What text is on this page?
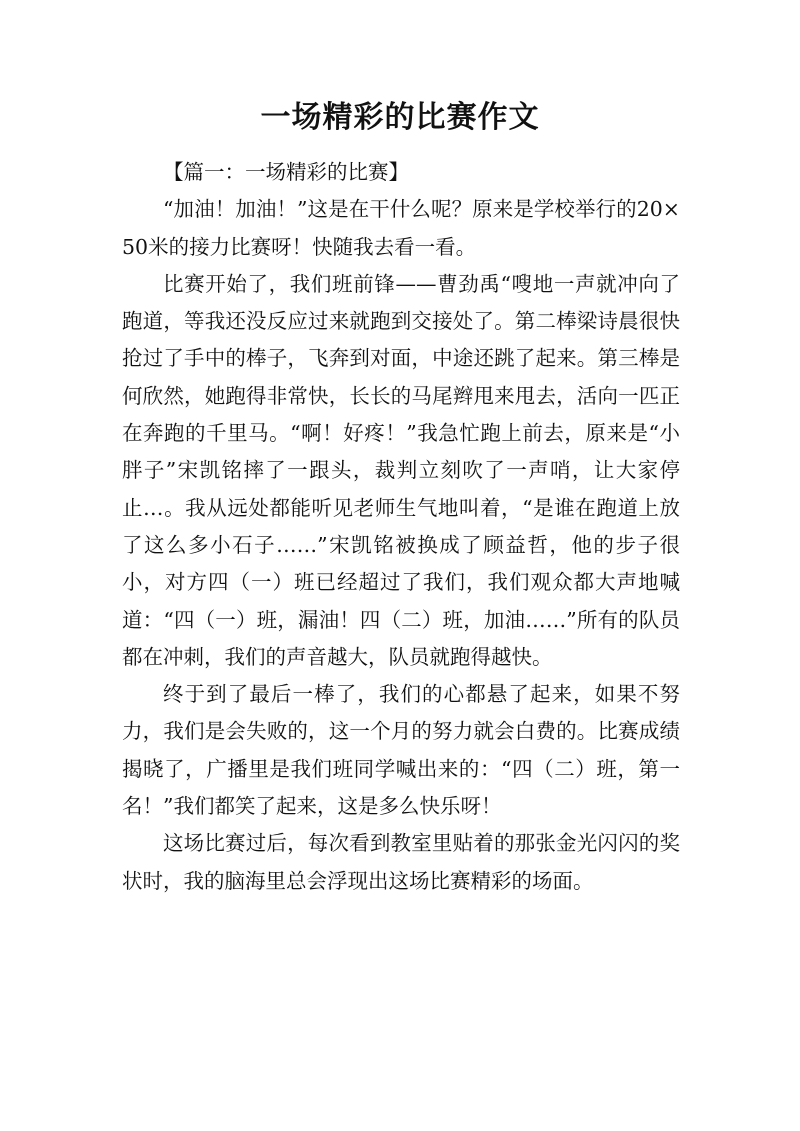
一场精彩的比赛作文

【篇一：一场精彩的比赛】

“加油！加油！”这是在干什么呢？原来是学校举行的20×50米的接力比赛呀！快随我去看一看。

比赛开始了，我们班前锋——曹劲禹“嗖地一声就冲向了跑道，等我还没反应过来就跑到交接处了。第二棒梁诗晨很快抢过了手中的棒子，飞奔到对面，中途还跳了起来。第三棒是何欣然，她跑得非常快，长长的马尾辫甩来甩去，活向一匹正在奔跑的千里马。“啊！好疼！”我急忙跑上前去，原来是“小胖子”宋凯铭摔了一跟头，裁判立刻吹了一声哨，让大家停止…。我从远处都能听见老师生气地叫着，“是谁在跑道上放了这么多小石子……”宋凯铭被换成了顾益哲，他的步子很小，对方四（一）班已经超过了我们，我们观众都大声地喊道：“四（一）班，漏油！四（二）班，加油……”所有的队员都在冲刺，我们的声音越大，队员就跑得越快。

终于到了最后一棒了，我们的心都悬了起来，如果不努力，我们是会失败的，这一个月的努力就会白费的。比赛成绩揭晓了，广播里是我们班同学喊出来的：“四（二）班，第一名！”我们都笑了起来，这是多么快乐呀！

这场比赛过后，每次看到教室里贴着的那张金光闪闪的奖状时，我的脑海里总会浮现出这场比赛精彩的场面。
